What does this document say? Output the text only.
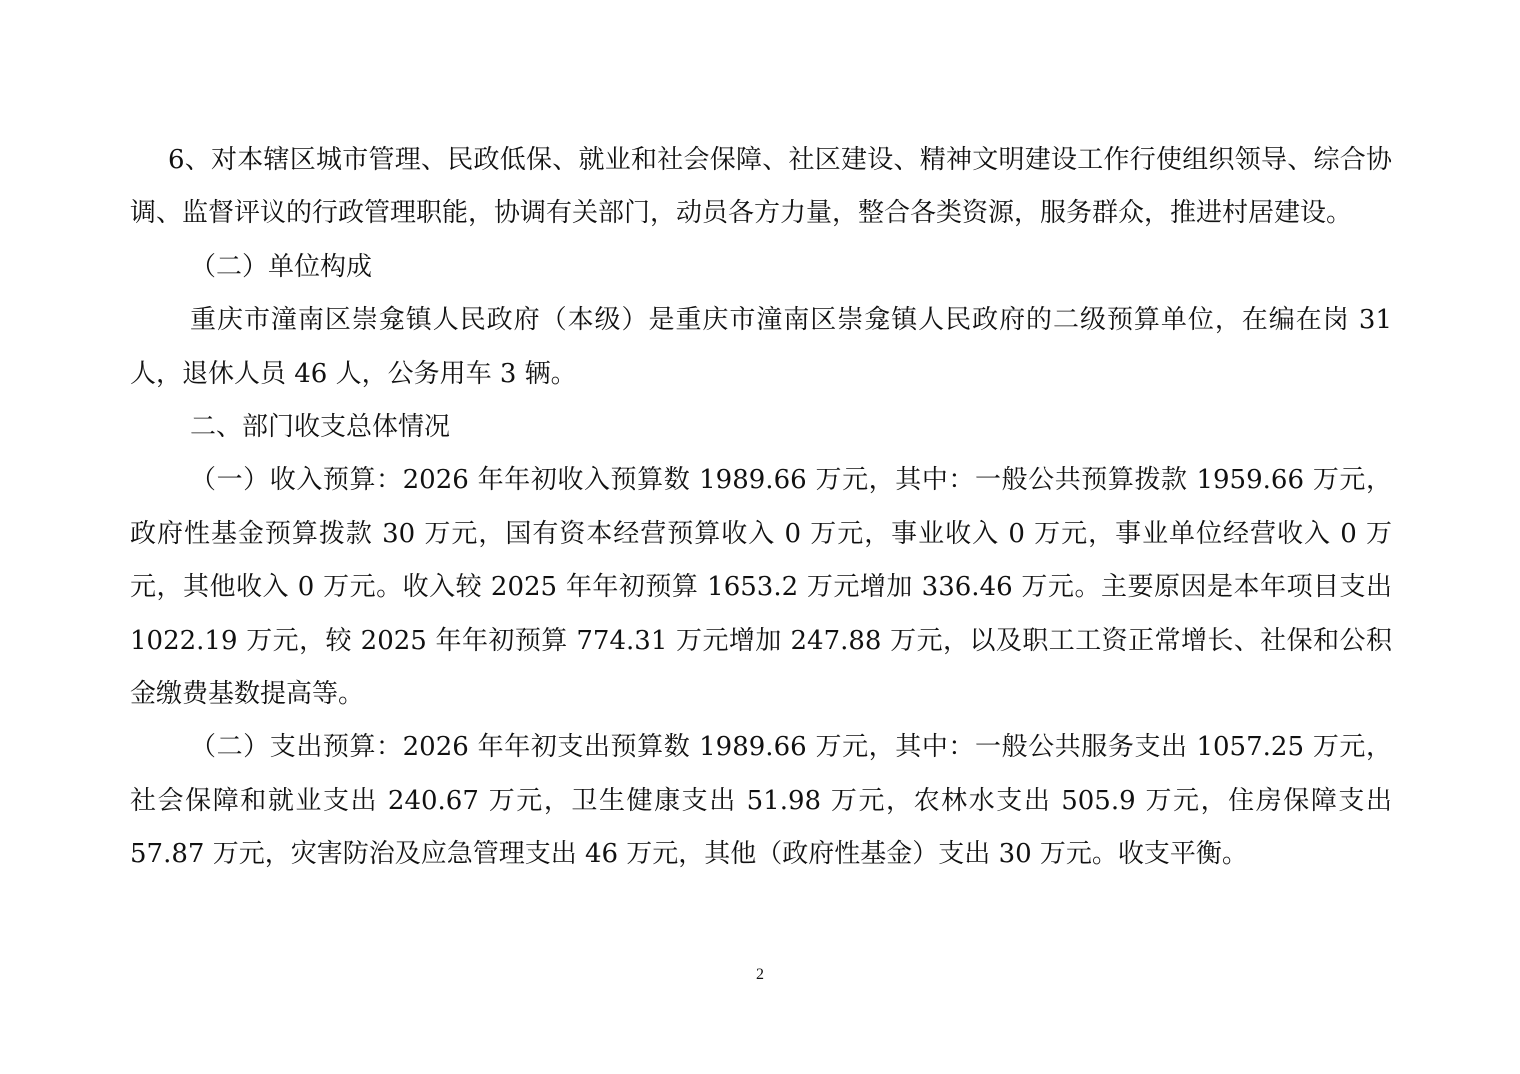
6、对本辖区城市管理、民政低保、就业和社会保障、社区建设、精神文明建设工作行使组织领导、综合协调、监督评议的行政管理职能，协调有关部门，动员各方力量，整合各类资源，服务群众，推进村居建设。

（二）单位构成

重庆市潼南区崇龛镇人民政府（本级）是重庆市潼南区崇龛镇人民政府的二级预算单位，在编在岗 31 人，退休人员 46 人，公务用车 3 辆。

二、部门收支总体情况

（一）收入预算：2026 年年初收入预算数 1989.66 万元，其中：一般公共预算拨款 1959.66 万元，政府性基金预算拨款 30 万元，国有资本经营预算收入 0 万元，事业收入 0 万元，事业单位经营收入 0 万元，其他收入 0 万元。收入较 2025 年年初预算 1653.2 万元增加 336.46 万元。主要原因是本年项目支出 1022.19 万元，较 2025 年年初预算 774.31 万元增加 247.88 万元，以及职工工资正常增长、社保和公积金缴费基数提高等。

（二）支出预算：2026 年年初支出预算数 1989.66 万元，其中：一般公共服务支出 1057.25 万元，社会保障和就业支出 240.67 万元，卫生健康支出 51.98 万元，农林水支出 505.9 万元，住房保障支出 57.87 万元，灾害防治及应急管理支出 46 万元，其他（政府性基金）支出 30 万元。收支平衡。

2
